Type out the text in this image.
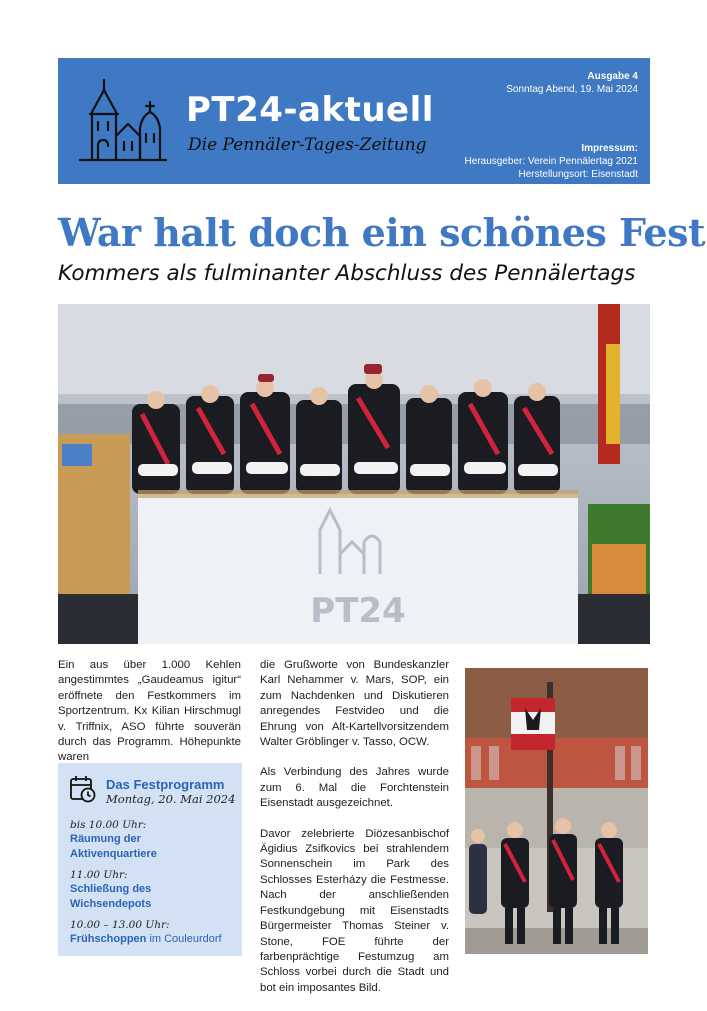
PT24-aktuell
Die Pennäler-Tages-Zeitung
Ausgabe 4
Sonntag Abend, 19. Mai 2024
Impressum:
Herausgeber: Verein Pennälertag 2021
Herstellungsort: Eisenstadt
War halt doch ein schönes Fest
Kommers als fulminanter Abschluss des Pennälertags
PT24

Ein aus über 1.000 Kehlen angestimmtes „Gaudeamus igitur“ eröffnete den Festkommers im Sportzentrum. Kx Kilian Hirschmugl v. Triffnix, ASO führte souverän durch das Programm. Höhepunkte waren

Das Festprogramm
Montag, 20. Mai 2024
bis 10.00 Uhr:
Räumung der Aktivenquartiere
11.00 Uhr:
Schließung des Wichsendepots
10.00 – 13.00 Uhr:
Frühschoppen im Couleurdorf

die Grußworte von Bundeskanzler Karl Nehammer v. Mars, SOP, ein zum Nachdenken und Diskutieren anregendes Festvideo und die Ehrung von Alt-Kartellvorsitzendem Walter Gröblinger v. Tasso, OCW.

Als Verbindung des Jahres wurde zum 6. Mal die Forchtenstein Eisenstadt ausgezeichnet.

Davor zelebrierte Diözesanbischof Ägidius Zsifkovics bei strahlendem Sonnenschein im Park des Schlosses Esterházy die Festmesse. Nach der anschließenden Festkundgebung mit Eisenstadts Bürgermeister Thomas Steiner v. Stone, FOE führte der farbenprächtige Festumzug am Schloss vorbei durch die Stadt und bot ein imposantes Bild.
